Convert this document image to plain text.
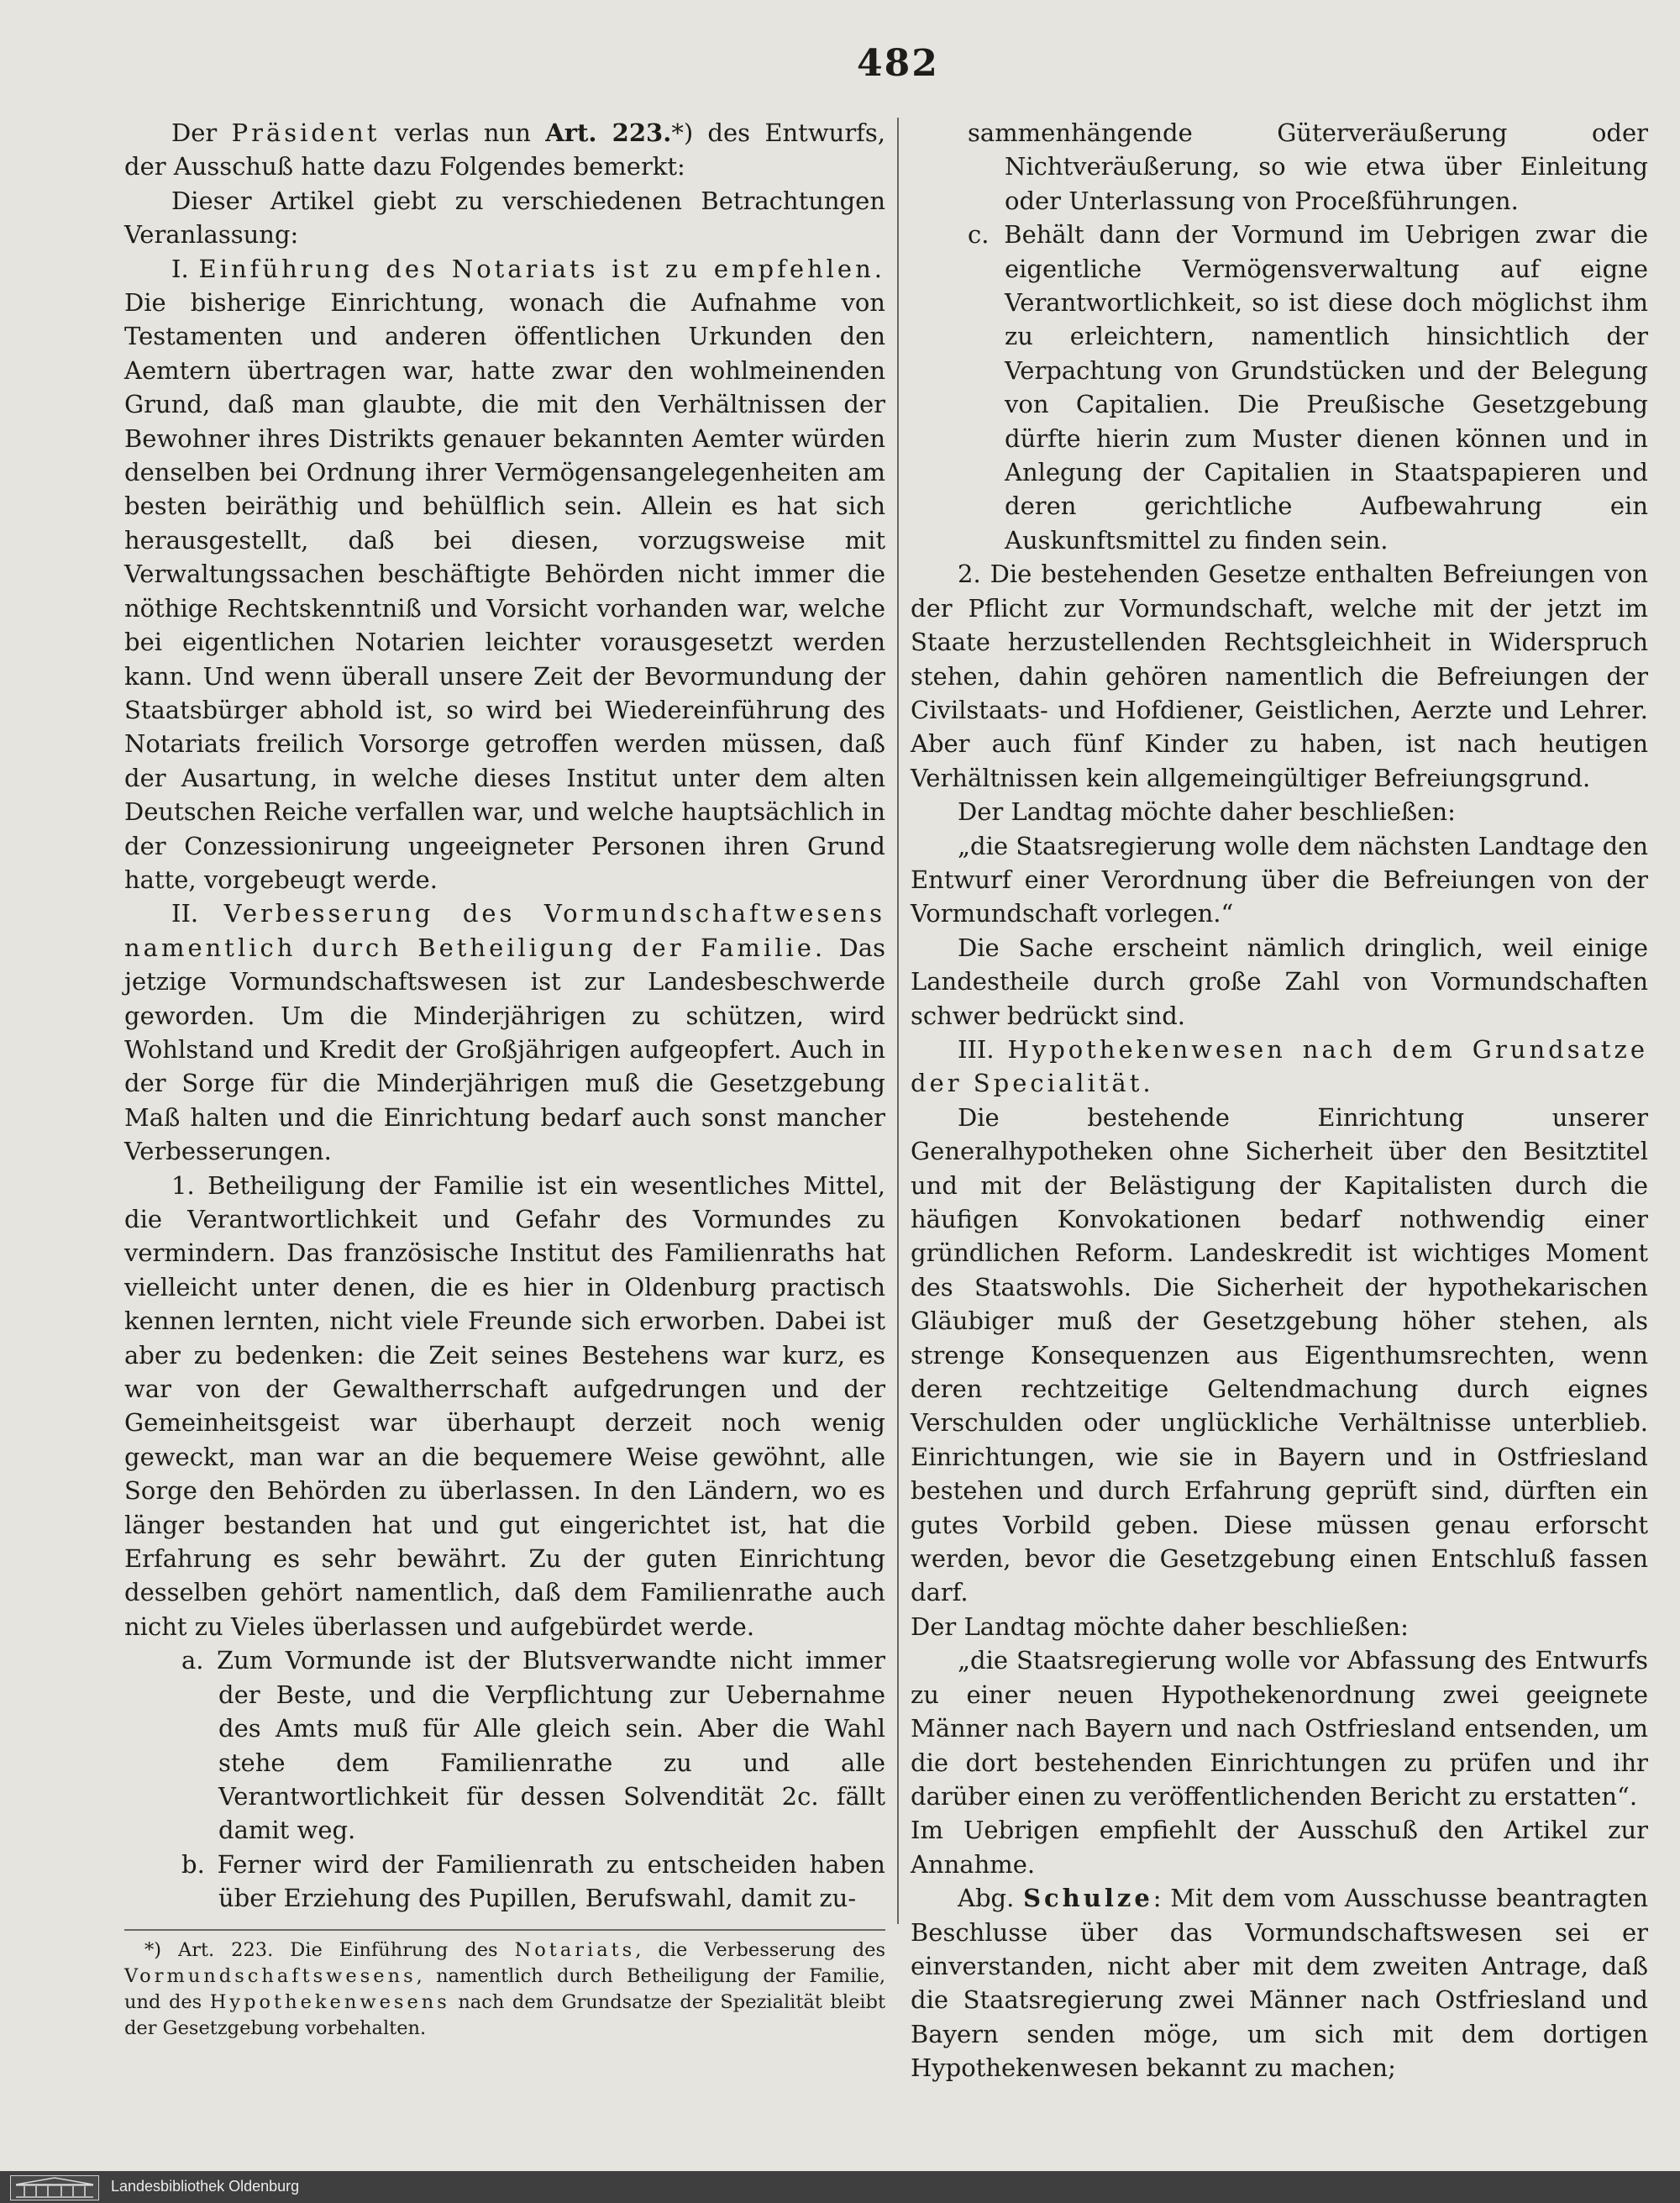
482

Der Präsident verlas nun Art. 223.*) des Entwurfs, der Ausschuß hatte dazu Folgendes bemerkt:

Dieser Artikel giebt zu verschiedenen Betrachtungen Veranlassung:

I. Einführung des Notariats ist zu empfehlen. Die bisherige Einrichtung, wonach die Aufnahme von Testamenten und anderen öffentlichen Urkunden den Aemtern übertragen war, hatte zwar den wohlmeinenden Grund, daß man glaubte, die mit den Verhältnissen der Bewohner ihres Distrikts genauer bekannten Aemter würden denselben bei Ordnung ihrer Vermögensangelegenheiten am besten beiräthig und behülflich sein. Allein es hat sich herausgestellt, daß bei diesen, vorzugsweise mit Verwaltungssachen beschäftigte Behörden nicht immer die nöthige Rechtskenntniß und Vorsicht vorhanden war, welche bei eigentlichen Notarien leichter vorausgesetzt werden kann. Und wenn überall unsere Zeit der Bevormundung der Staatsbürger abhold ist, so wird bei Wiedereinführung des Notariats freilich Vorsorge getroffen werden müssen, daß der Ausartung, in welche dieses Institut unter dem alten Deutschen Reiche verfallen war, und welche hauptsächlich in der Conzessionirung ungeeigneter Personen ihren Grund hatte, vorgebeugt werde.

II. Verbesserung des Vormundschaftwesens namentlich durch Betheiligung der Familie. Das jetzige Vormundschaftswesen ist zur Landesbeschwerde geworden. Um die Minderjährigen zu schützen, wird Wohlstand und Kredit der Großjährigen aufgeopfert. Auch in der Sorge für die Minderjährigen muß die Gesetzgebung Maß halten und die Einrichtung bedarf auch sonst mancher Verbesserungen.

1. Betheiligung der Familie ist ein wesentliches Mittel, die Verantwortlichkeit und Gefahr des Vormundes zu vermindern. Das französische Institut des Familienraths hat vielleicht unter denen, die es hier in Oldenburg practisch kennen lernten, nicht viele Freunde sich erworben. Dabei ist aber zu bedenken: die Zeit seines Bestehens war kurz, es war von der Gewaltherrschaft aufgedrungen und der Gemeinheitsgeist war überhaupt derzeit noch wenig geweckt, man war an die bequemere Weise gewöhnt, alle Sorge den Behörden zu überlassen. In den Ländern, wo es länger bestanden hat und gut eingerichtet ist, hat die Erfahrung es sehr bewährt. Zu der guten Einrichtung desselben gehört namentlich, daß dem Familienrathe auch nicht zu Vieles überlassen und aufgebürdet werde.

a. Zum Vormunde ist der Blutsverwandte nicht immer der Beste, und die Verpflichtung zur Uebernahme des Amts muß für Alle gleich sein. Aber die Wahl stehe dem Familienrathe zu und alle Verantwortlichkeit für dessen Solvendität 2c. fällt damit weg.

b. Ferner wird der Familienrath zu entscheiden haben über Erziehung des Pupillen, Berufswahl, damit zu-

sammenhängende Güterveräußerung oder Nichtveräußerung, so wie etwa über Einleitung oder Unterlassung von Proceßführungen.

c. Behält dann der Vormund im Uebrigen zwar die eigentliche Vermögensverwaltung auf eigne Verantwortlichkeit, so ist diese doch möglichst ihm zu erleichtern, namentlich hinsichtlich der Verpachtung von Grundstücken und der Belegung von Capitalien. Die Preußische Gesetzgebung dürfte hierin zum Muster dienen können und in Anlegung der Capitalien in Staatspapieren und deren gerichtliche Aufbewahrung ein Auskunftsmittel zu finden sein.

2. Die bestehenden Gesetze enthalten Befreiungen von der Pflicht zur Vormundschaft, welche mit der jetzt im Staate herzustellenden Rechtsgleichheit in Widerspruch stehen, dahin gehören namentlich die Befreiungen der Civilstaats- und Hofdiener, Geistlichen, Aerzte und Lehrer. Aber auch fünf Kinder zu haben, ist nach heutigen Verhältnissen kein allgemeingültiger Befreiungsgrund.

Der Landtag möchte daher beschließen:

„die Staatsregierung wolle dem nächsten Landtage den Entwurf einer Verordnung über die Befreiungen von der Vormundschaft vorlegen.“

Die Sache erscheint nämlich dringlich, weil einige Landestheile durch große Zahl von Vormundschaften schwer bedrückt sind.

III. Hypothekenwesen nach dem Grundsatze der Specialität.

Die bestehende Einrichtung unserer Generalhypotheken ohne Sicherheit über den Besitztitel und mit der Belästigung der Kapitalisten durch die häufigen Konvokationen bedarf nothwendig einer gründlichen Reform. Landeskredit ist wichtiges Moment des Staatswohls. Die Sicherheit der hypothekarischen Gläubiger muß der Gesetzgebung höher stehen, als strenge Konsequenzen aus Eigenthumsrechten, wenn deren rechtzeitige Geltendmachung durch eignes Verschulden oder unglückliche Verhältnisse unterblieb. Einrichtungen, wie sie in Bayern und in Ostfriesland bestehen und durch Erfahrung geprüft sind, dürften ein gutes Vorbild geben. Diese müssen genau erforscht werden, bevor die Gesetzgebung einen Entschluß fassen darf.

Der Landtag möchte daher beschließen:

„die Staatsregierung wolle vor Abfassung des Entwurfs zu einer neuen Hypothekenordnung zwei geeignete Männer nach Bayern und nach Ostfriesland entsenden, um die dort bestehenden Einrichtungen zu prüfen und ihr darüber einen zu veröffentlichenden Bericht zu erstatten“.

Im Uebrigen empfiehlt der Ausschuß den Artikel zur Annahme.

Abg. Schulze: Mit dem vom Ausschusse beantragten Beschlusse über das Vormundschaftswesen sei er einverstanden, nicht aber mit dem zweiten Antrage, daß die Staatsregierung zwei Männer nach Ostfriesland und Bayern senden möge, um sich mit dem dortigen Hypothekenwesen bekannt zu machen;

*) Art. 223. Die Einführung des Notariats, die Verbesserung des Vormundschaftswesens, namentlich durch Betheiligung der Familie, und des Hypothekenwesens nach dem Grundsatze der Spezialität bleibt der Gesetzgebung vorbehalten.

Landesbibliothek Oldenburg
